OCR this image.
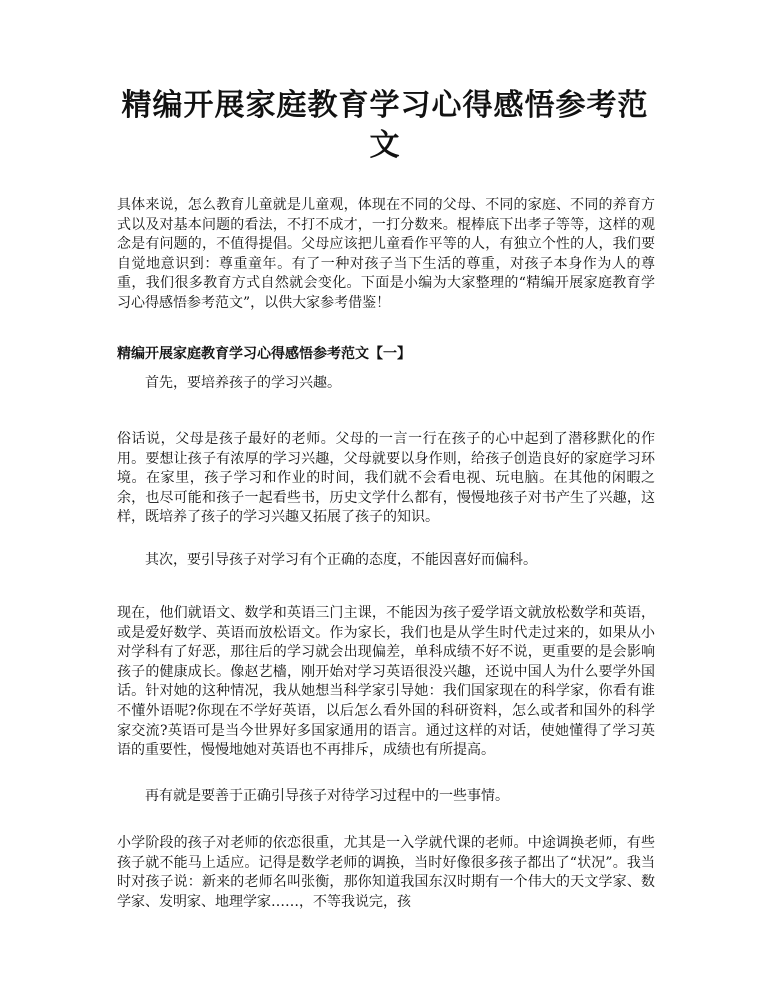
精编开展家庭教育学习心得感悟参考范文

具体来说，怎么教育儿童就是儿童观，体现在不同的父母、不同的家庭、不同的养育方式以及对基本问题的看法，不打不成才，一打分数来。棍棒底下出孝子等等，这样的观念是有问题的，不值得提倡。父母应该把儿童看作平等的人，有独立个性的人，我们要自觉地意识到：尊重童年。有了一种对孩子当下生活的尊重，对孩子本身作为人的尊重，我们很多教育方式自然就会变化。下面是小编为大家整理的“精编开展家庭教育学习心得感悟参考范文”，以供大家参考借鉴！

精编开展家庭教育学习心得感悟参考范文【一】

首先，要培养孩子的学习兴趣。

俗话说，父母是孩子最好的老师。父母的一言一行在孩子的心中起到了潜移默化的作用。要想让孩子有浓厚的学习兴趣，父母就要以身作则，给孩子创造良好的家庭学习环境。在家里，孩子学习和作业的时间，我们就不会看电视、玩电脑。在其他的闲暇之余，也尽可能和孩子一起看些书，历史文学什么都有，慢慢地孩子对书产生了兴趣，这样，既培养了孩子的学习兴趣又拓展了孩子的知识。

其次，要引导孩子对学习有个正确的态度，不能因喜好而偏科。

现在，他们就语文、数学和英语三门主课，不能因为孩子爱学语文就放松数学和英语，或是爱好数学、英语而放松语文。作为家长，我们也是从学生时代走过来的，如果从小对学科有了好恶，那往后的学习就会出现偏差，单科成绩不好不说，更重要的是会影响孩子的健康成长。像赵艺檣，刚开始对学习英语很没兴趣，还说中国人为什么要学外国话。针对她的这种情况，我从她想当科学家引导她：我们国家现在的科学家，你看有谁不懂外语呢?你现在不学好英语，以后怎么看外国的科研资料，怎么或者和国外的科学家交流?英语可是当今世界好多国家通用的语言。通过这样的对话，使她懂得了学习英语的重要性，慢慢地她对英语也不再排斥，成绩也有所提高。

再有就是要善于正确引导孩子对待学习过程中的一些事情。

小学阶段的孩子对老师的依恋很重，尤其是一入学就代课的老师。中途调换老师，有些孩子就不能马上适应。记得是数学老师的调换，当时好像很多孩子都出了“状况”。我当时对孩子说：新来的老师名叫张衡，那你知道我国东汉时期有一个伟大的天文学家、数学家、发明家、地理学家……，不等我说完，孩
